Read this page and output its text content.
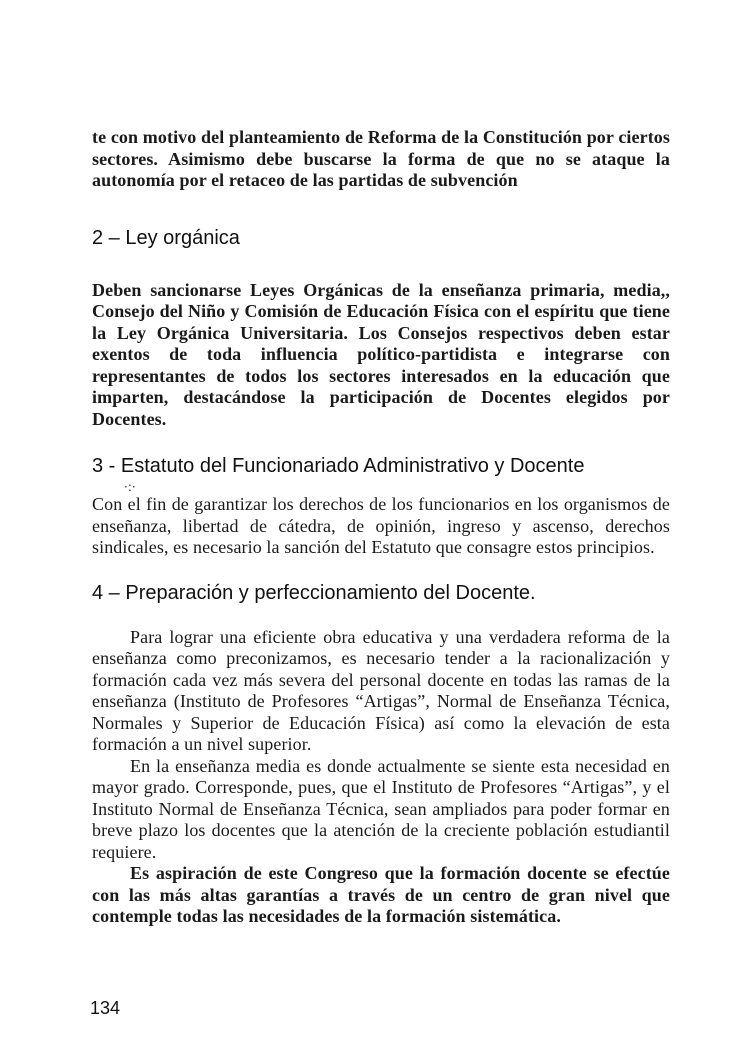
te con motivo del planteamiento de Reforma de la Constitución por ciertos sectores. Asimismo debe buscarse la forma de que no se ataque la autonomía por el retaceo de las partidas de subvención

2 – Ley orgánica

Deben sancionarse Leyes Orgánicas de la enseñanza primaria, media,, Consejo del Niño y Comisión de Educación Física con el espíritu que tiene la Ley Orgánica Universitaria. Los Consejos respectivos deben estar exentos de toda influencia político-partidista e integrarse con representantes de todos los sectores interesados en la educación que imparten, destacándose la participación de Docentes elegidos por Docentes.

3 - Estatuto del Funcionariado Administrativo y Docente

Con el fin de garantizar los derechos de los funcionarios en los organismos de enseñanza, libertad de cátedra, de opinión, ingreso y ascenso, derechos sindicales, es necesario la sanción del Estatuto que consagre estos principios.

4 – Preparación y perfeccionamiento del Docente.

Para lograr una eficiente obra educativa y una verdadera reforma de la enseñanza como preconizamos, es necesario tender a la racionalización y formación cada vez más severa del personal docente en todas las ramas de la enseñanza (Instituto de Profesores “Artigas”, Normal de Enseñanza Técnica, Normales y Superior de Educación Física) así como la elevación de esta formación a un nivel superior.

En la enseñanza media es donde actualmente se siente esta necesidad en mayor grado. Corresponde, pues, que el Instituto de Profesores “Artigas”, y el Instituto Normal de Enseñanza Técnica, sean ampliados para poder formar en breve plazo los docentes que la atención de la creciente población estudiantil requiere.

Es aspiración de este Congreso que la formación docente se efectúe con las más altas garantías a través de un centro de gran nivel que contemple todas las necesidades de la formación sistemática.

·:·
134
